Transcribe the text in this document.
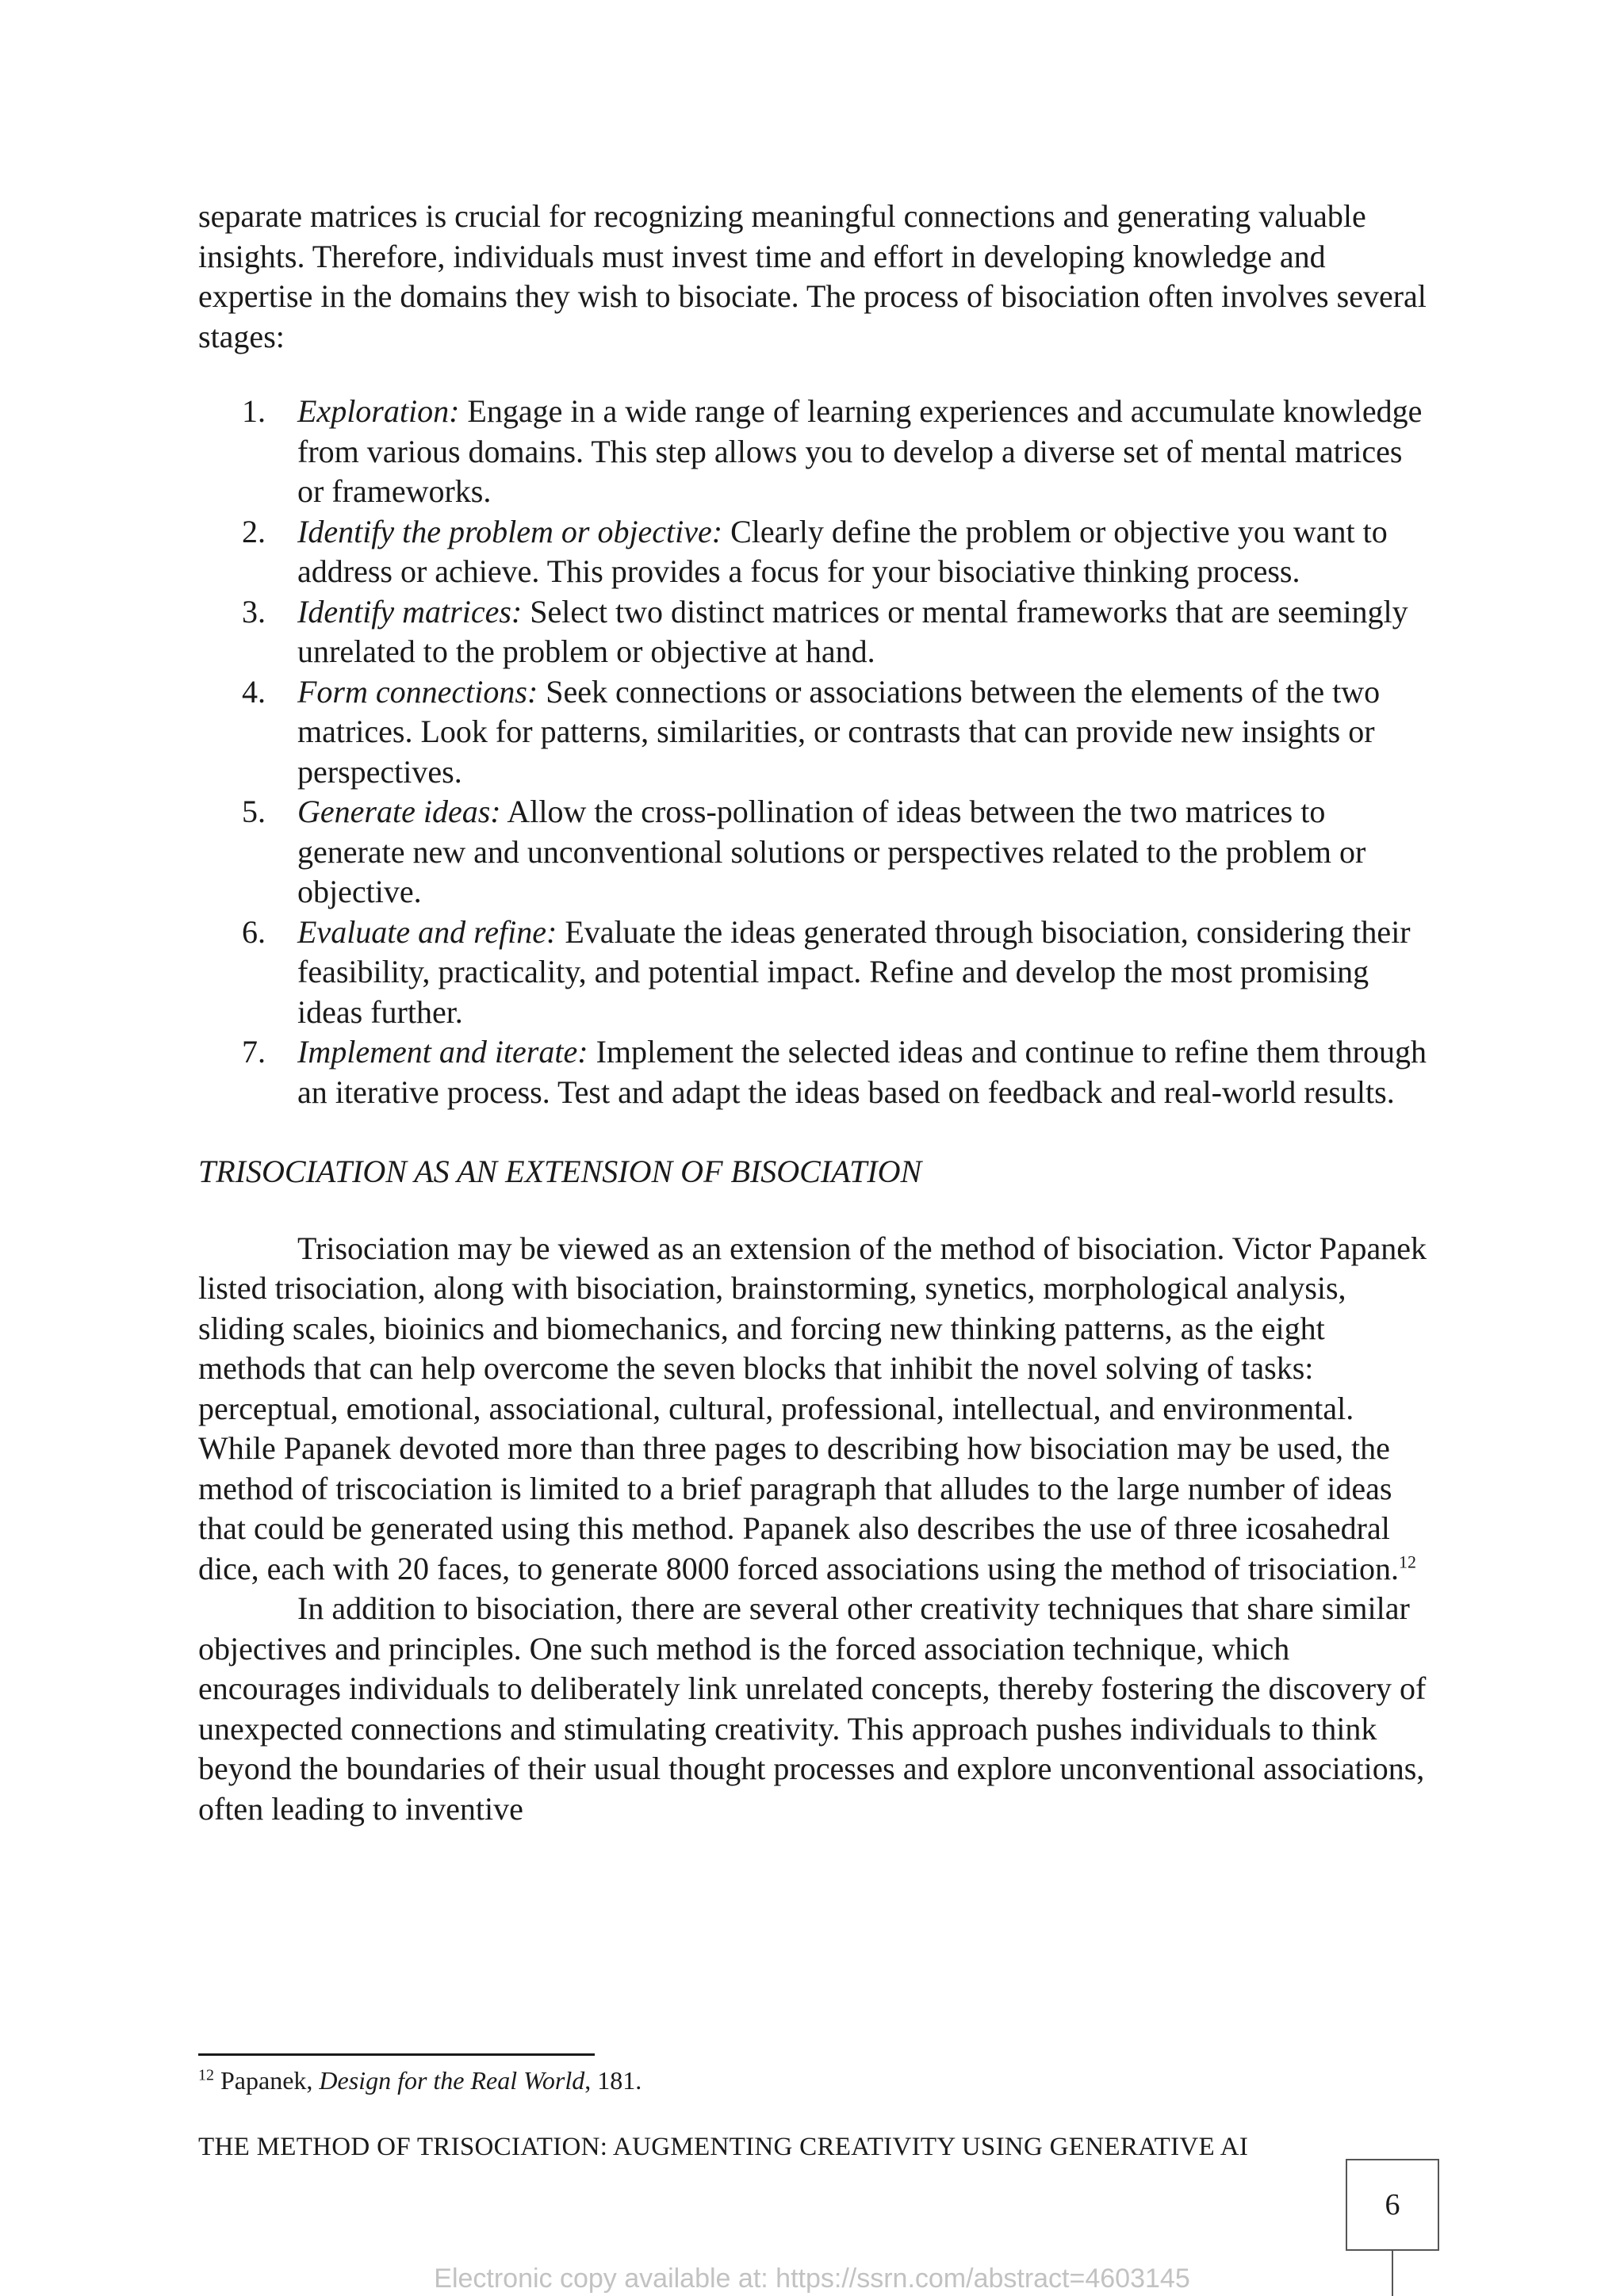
separate matrices is crucial for recognizing meaningful connections and generating valuable insights. Therefore, individuals must invest time and effort in developing knowledge and expertise in the domains they wish to bisociate. The process of bisociation often involves several stages:

1.	Exploration: Engage in a wide range of learning experiences and accumulate knowledge from various domains. This step allows you to develop a diverse set of mental matrices or frameworks.
2.	Identify the problem or objective: Clearly define the problem or objective you want to address or achieve. This provides a focus for your bisociative thinking process.
3.	Identify matrices: Select two distinct matrices or mental frameworks that are seemingly unrelated to the problem or objective at hand.
4.	Form connections: Seek connections or associations between the elements of the two matrices. Look for patterns, similarities, or contrasts that can provide new insights or perspectives.
5.	Generate ideas: Allow the cross-pollination of ideas between the two matrices to generate new and unconventional solutions or perspectives related to the problem or objective.
6.	Evaluate and refine: Evaluate the ideas generated through bisociation, considering their feasibility, practicality, and potential impact. Refine and develop the most promising ideas further.
7.	Implement and iterate: Implement the selected ideas and continue to refine them through an iterative process. Test and adapt the ideas based on feedback and real-world results.

TRISOCIATION AS AN EXTENSION OF BISOCIATION

Trisociation may be viewed as an extension of the method of bisociation. Victor Papanek listed trisociation, along with bisociation, brainstorming, synetics, morphological analysis, sliding scales, bioinics and biomechanics, and forcing new thinking patterns, as the eight methods that can help overcome the seven blocks that inhibit the novel solving of tasks: perceptual, emotional, associational, cultural, professional, intellectual, and environmental. While Papanek devoted more than three pages to describing how bisociation may be used, the method of triscociation is limited to a brief paragraph that alludes to the large number of ideas that could be generated using this method. Papanek also describes the use of three icosahedral dice, each with 20 faces, to generate 8000 forced associations using the method of trisociation.$^{12}$

In addition to bisociation, there are several other creativity techniques that share similar objectives and principles. One such method is the forced association technique, which encourages individuals to deliberately link unrelated concepts, thereby fostering the discovery of unexpected connections and stimulating creativity. This approach pushes individuals to think beyond the boundaries of their usual thought processes and explore unconventional associations, often leading to inventive

$^{12}$ Papanek, Design for the Real World, 181.
THE METHOD OF TRISOCIATION: AUGMENTING CREATIVITY USING GENERATIVE AI
6
Electronic copy available at: https://ssrn.com/abstract=4603145
